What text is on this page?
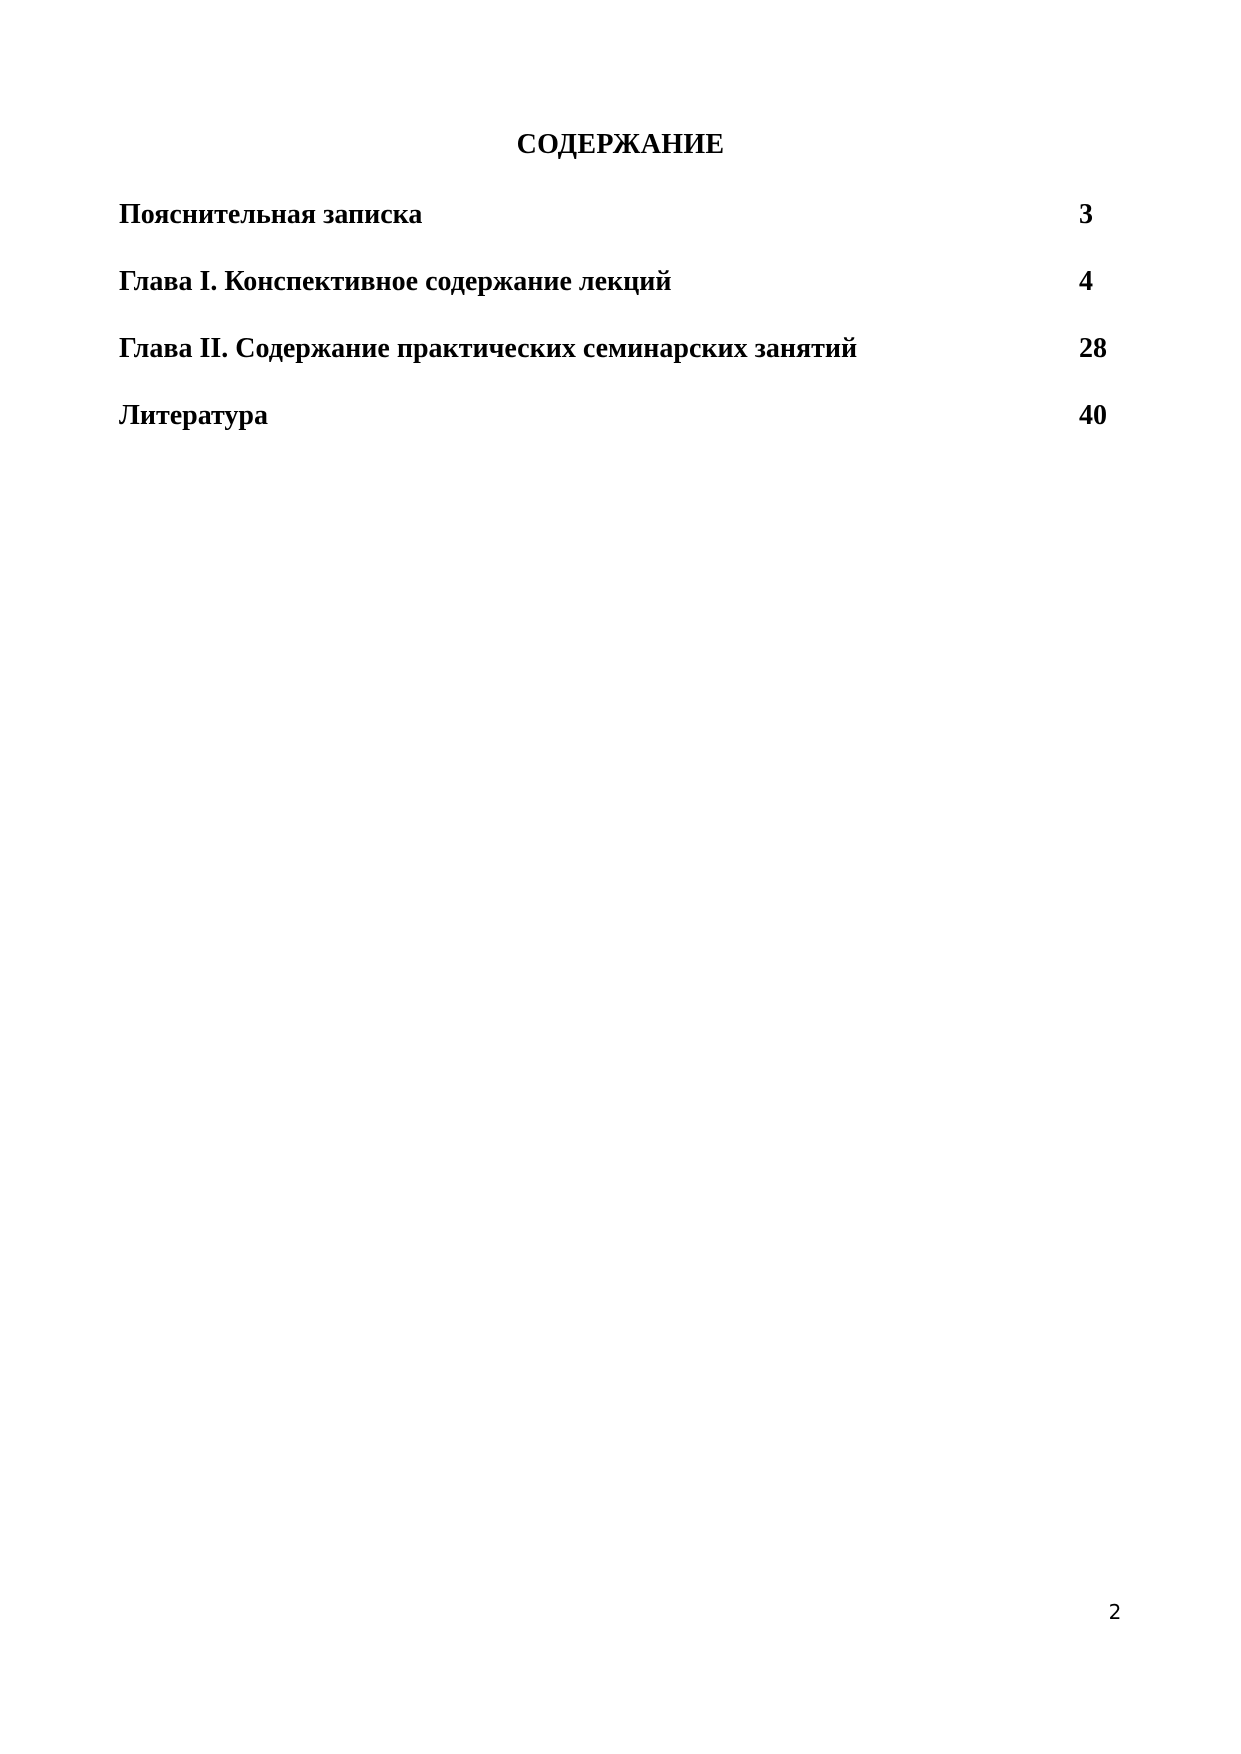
СОДЕРЖАНИЕ
Пояснительная записка	3
Глава I. Конспективное содержание лекций	4
Глава II. Содержание практических семинарских занятий	28
Литература	40
2
